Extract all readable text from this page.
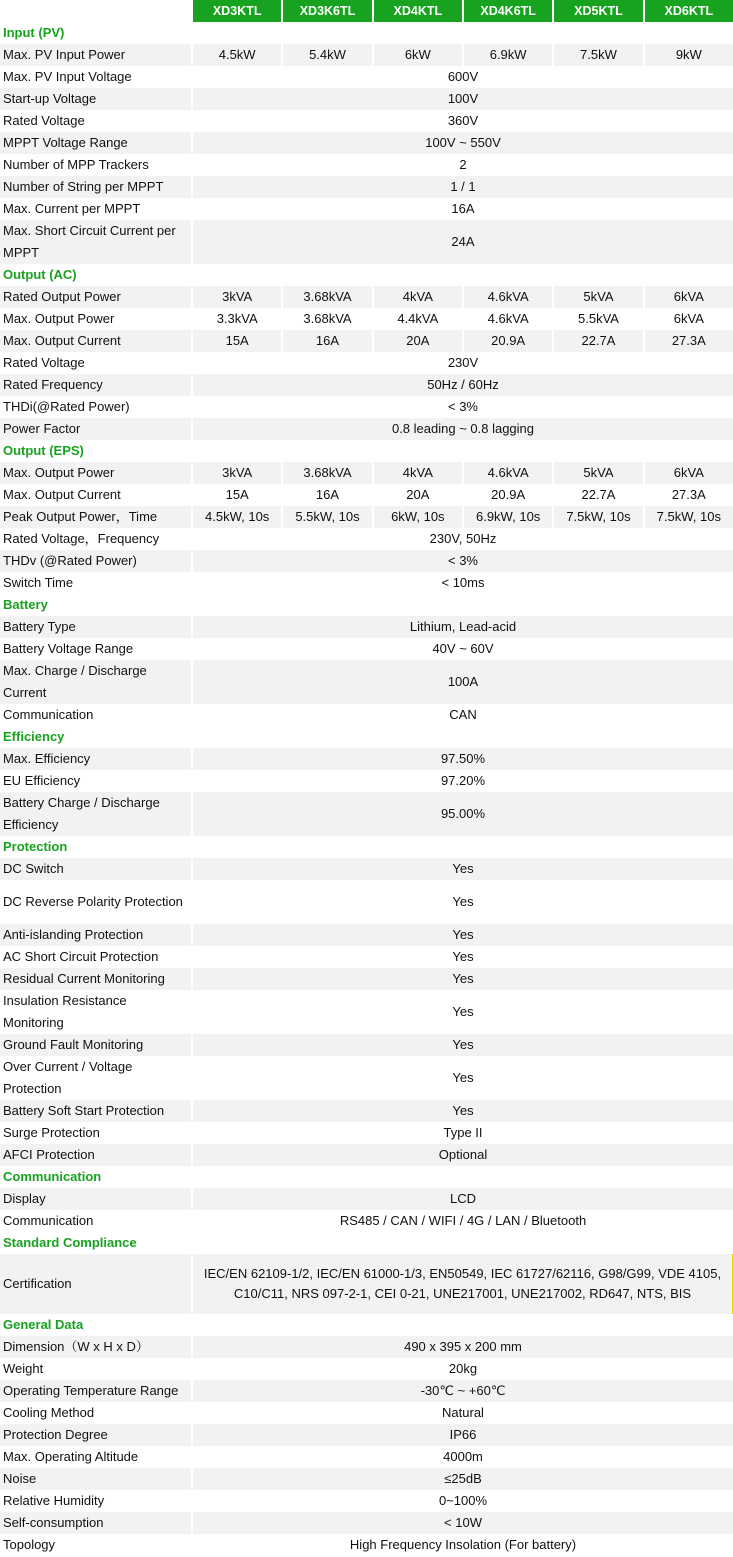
	XD3KTL	XD3K6TL	XD4KTL	XD4K6TL	XD5KTL	XD6KTL
Input (PV)						
Max. PV Input Power	4.5kW	5.4kW	6kW	6.9kW	7.5kW	9kW
Max. PV Input Voltage	600V					
Start-up Voltage	100V					
Rated Voltage	360V					
MPPT Voltage Range	100V ~ 550V					
Number of MPP Trackers	2					
Number of String per MPPT	1 / 1					
Max. Current per MPPT	16A					
Max. Short Circuit Current per MPPT	24A					
Output (AC)						
Rated Output Power	3kVA	3.68kVA	4kVA	4.6kVA	5kVA	6kVA
Max. Output Power	3.3kVA	3.68kVA	4.4kVA	4.6kVA	5.5kVA	6kVA
Max. Output Current	15A	16A	20A	20.9A	22.7A	27.3A
Rated Voltage	230V					
Rated Frequency	50Hz / 60Hz					
THDi(@Rated Power)	< 3%					
Power Factor	0.8 leading ~ 0.8 lagging					
Output (EPS)						
Max. Output Power	3kVA	3.68kVA	4kVA	4.6kVA	5kVA	6kVA
Max. Output Current	15A	16A	20A	20.9A	22.7A	27.3A
Peak Output Power，Time	4.5kW, 10s	5.5kW, 10s	6kW, 10s	6.9kW, 10s	7.5kW, 10s	7.5kW, 10s
Rated Voltage，Frequency	230V, 50Hz					
THDv (@Rated Power)	< 3%					
Switch Time	< 10ms					
Battery						
Battery Type	Lithium, Lead-acid					
Battery Voltage Range	40V ~ 60V					
Max. Charge / Discharge Current	100A					
Communication	CAN					
Efficiency						
Max. Efficiency	97.50%					
EU Efficiency	97.20%					
Battery Charge / Discharge Efficiency	95.00%					
Protection						
DC Switch	Yes					
DC Reverse Polarity Protection	Yes					
Anti-islanding Protection	Yes					
AC Short Circuit Protection	Yes					
Residual Current Monitoring	Yes					
Insulation Resistance Monitoring	Yes					
Ground Fault Monitoring	Yes					
Over Current / Voltage Protection	Yes					
Battery Soft Start Protection	Yes					
Surge Protection	Type II					
AFCI Protection	Optional					
Communication						
Display	LCD					
Communication	RS485 / CAN / WIFI / 4G / LAN / Bluetooth					
Standard Compliance						
Certification	IEC/EN 62109-1/2, IEC/EN 61000-1/3, EN50549, IEC 61727/62116, G98/G99, VDE 4105, C10/C11, NRS 097-2-1, CEI 0-21, UNE217001, UNE217002, RD647, NTS, BIS					
General Data						
Dimension（W x H x D）	490 x 395 x 200 mm					
Weight	20kg					
Operating Temperature Range	-30℃ ~ +60℃					
Cooling Method	Natural					
Protection Degree	IP66					
Max. Operating Altitude	4000m					
Noise	≤25dB					
Relative Humidity	0~100%					
Self-consumption	< 10W					
Topology	High Frequency Insolation (For battery)					
